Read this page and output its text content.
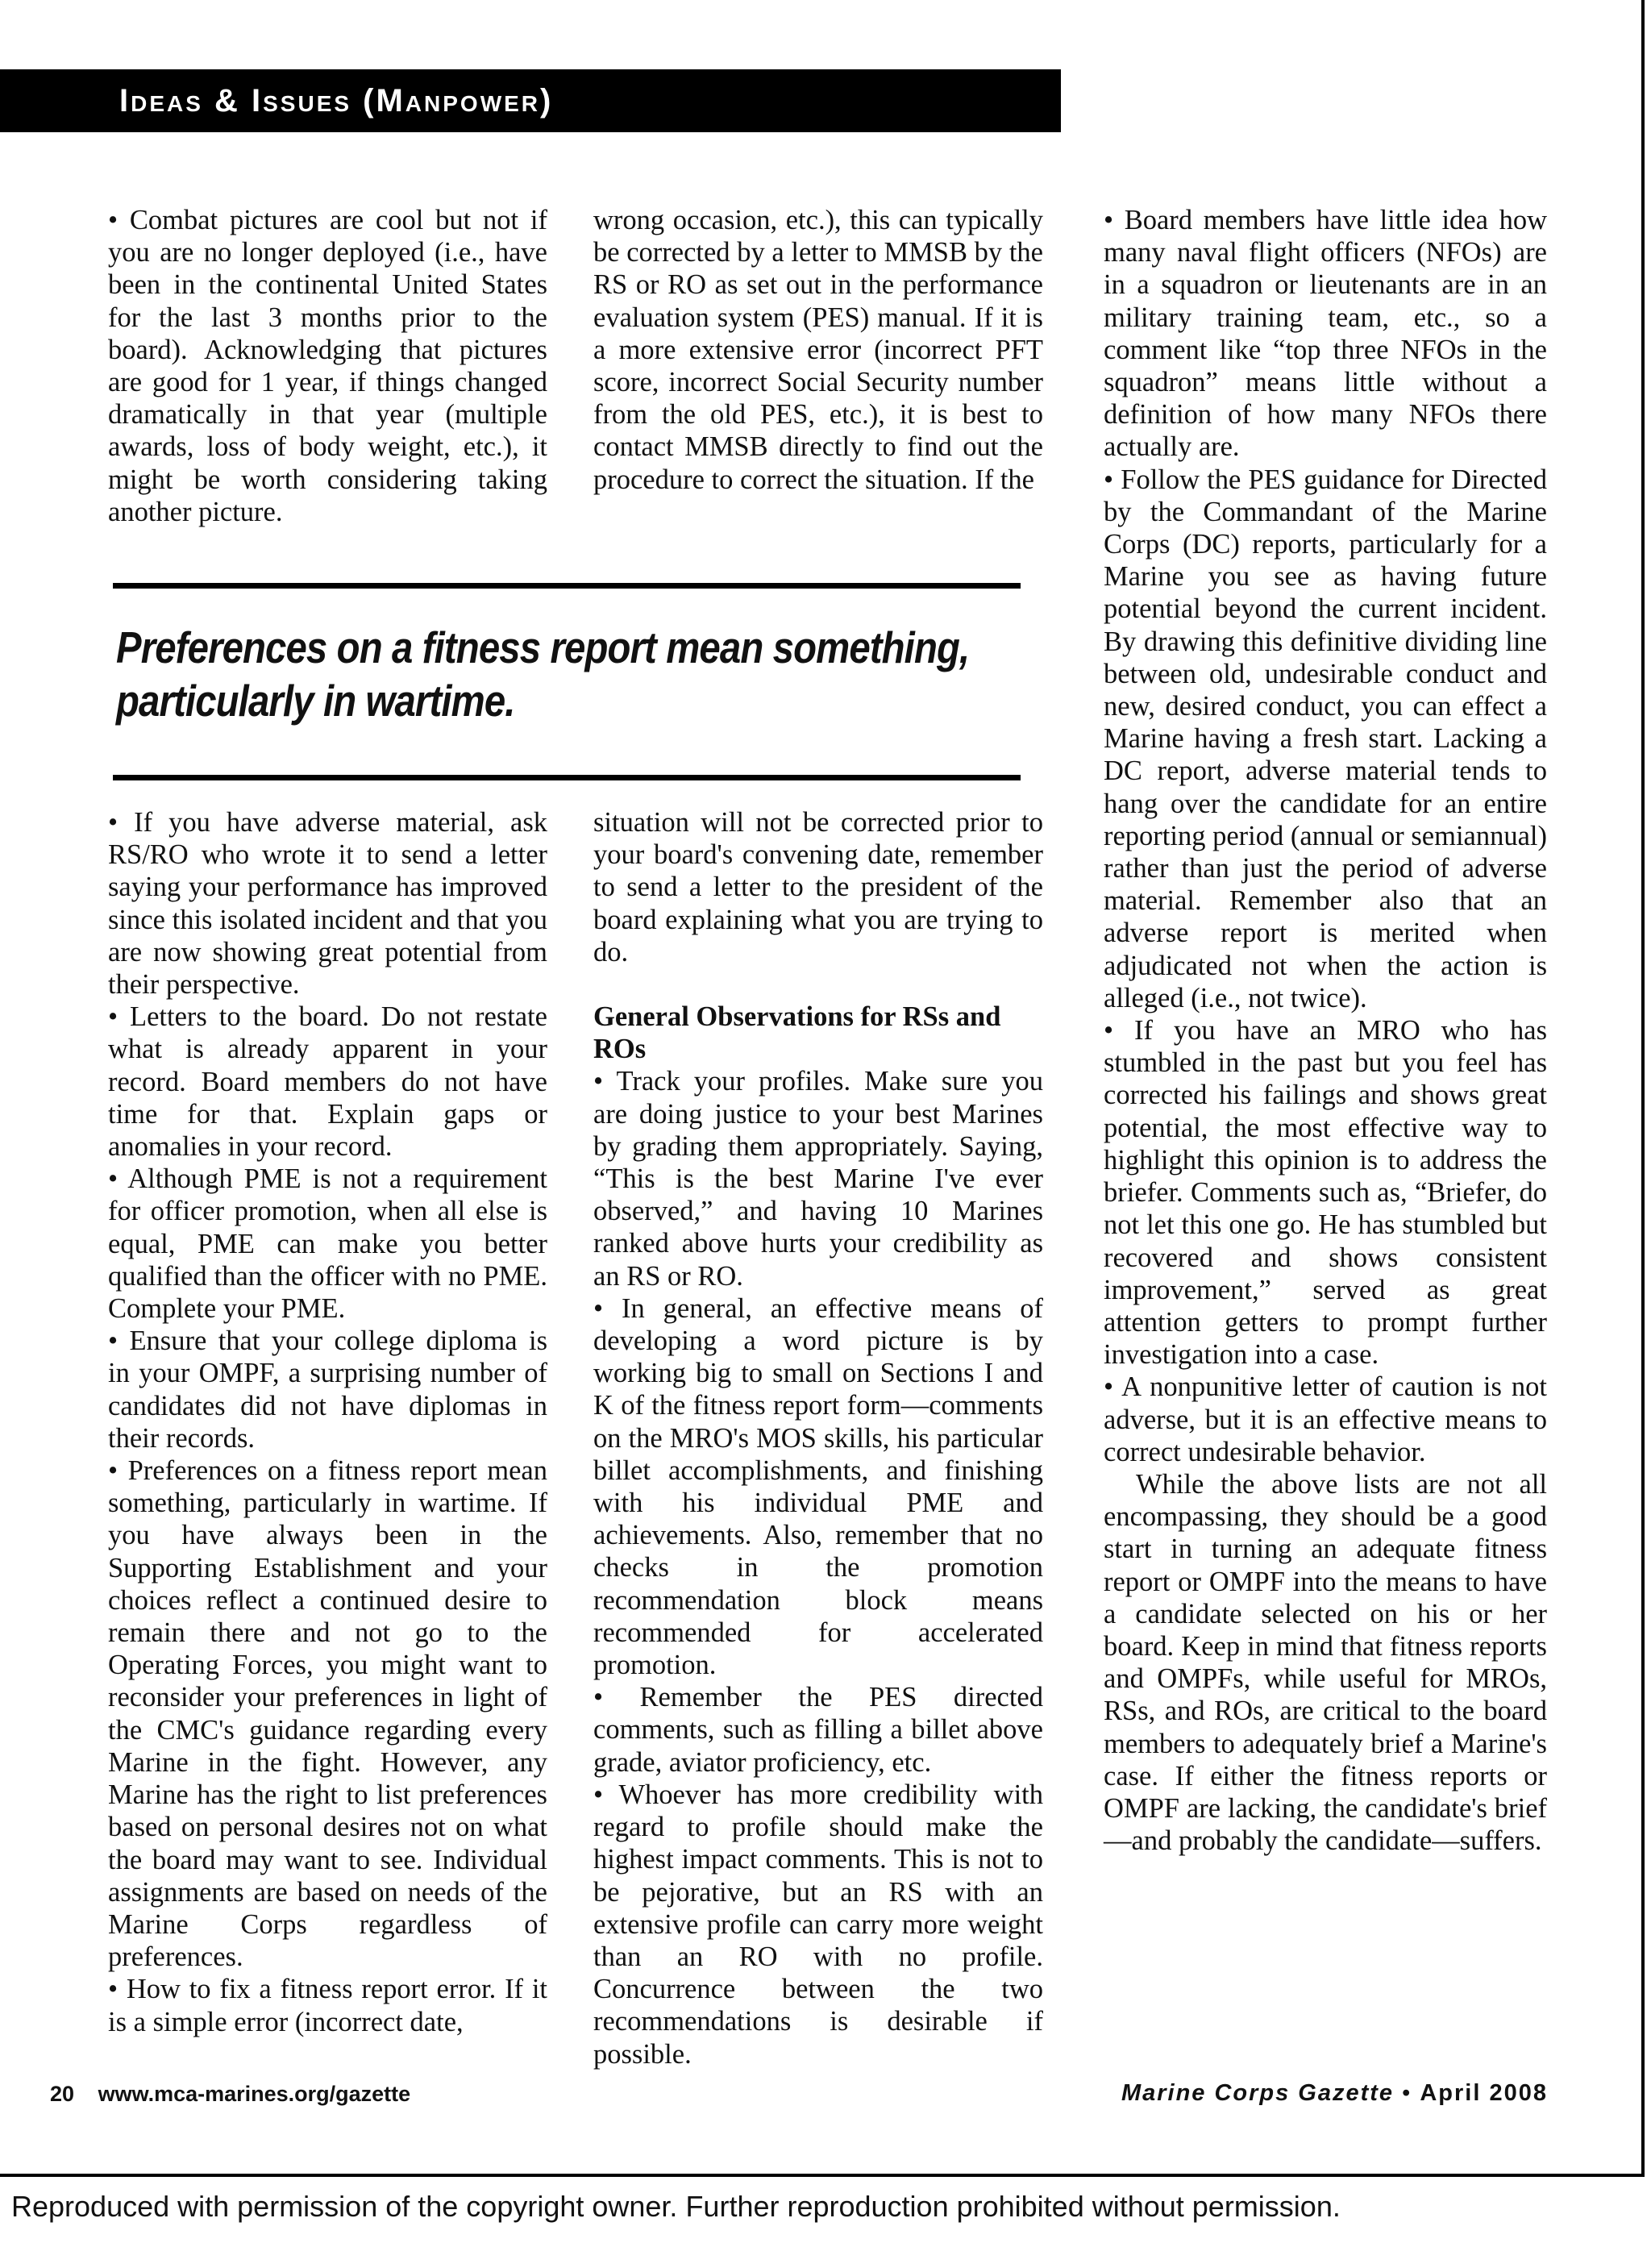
Ideas & Issues (Manpower)

• Combat pictures are cool but not if you are no longer deployed (i.e., have been in the continental United States for the last 3 months prior to the board). Acknowledging that pictures are good for 1 year, if things changed dramatically in that year (multiple awards, loss of body weight, etc.), it might be worth considering taking another picture.

wrong occasion, etc.), this can typically be corrected by a letter to MMSB by the RS or RO as set out in the performance evaluation system (PES) manual. If it is a more extensive error (incorrect PFT score, incorrect Social Security number from the old PES, etc.), it is best to contact MMSB directly to find out the procedure to correct the situation. If the

Preferences on a fitness report mean something, particularly in wartime.

• If you have adverse material, ask RS/RO who wrote it to send a letter saying your performance has improved since this isolated incident and that you are now showing great potential from their perspective.

• Letters to the board. Do not restate what is already apparent in your record. Board members do not have time for that. Explain gaps or anomalies in your record.

• Although PME is not a requirement for officer promotion, when all else is equal, PME can make you better qualified than the officer with no PME. Complete your PME.

• Ensure that your college diploma is in your OMPF, a surprising number of candidates did not have diplomas in their records.

• Preferences on a fitness report mean something, particularly in wartime. If you have always been in the Supporting Establishment and your choices reflect a continued desire to remain there and not go to the Operating Forces, you might want to reconsider your preferences in light of the CMC's guidance regarding every Marine in the fight. However, any Marine has the right to list preferences based on personal desires not on what the board may want to see. Individual assignments are based on needs of the Marine Corps regardless of preferences.

• How to fix a fitness report error. If it is a simple error (incorrect date,

situation will not be corrected prior to your board's convening date, remember to send a letter to the president of the board explaining what you are trying to do.

General Observations for RSs and ROs

• Track your profiles. Make sure you are doing justice to your best Marines by grading them appropriately. Saying, “This is the best Marine I've ever observed,” and having 10 Marines ranked above hurts your credibility as an RS or RO.

• In general, an effective means of developing a word picture is by working big to small on Sections I and K of the fitness report form—comments on the MRO's MOS skills, his particular billet accomplishments, and finishing with his individual PME and achievements. Also, remember that no checks in the promotion recommendation block means recommended for accelerated promotion.

• Remember the PES directed comments, such as filling a billet above grade, aviator proficiency, etc.

• Whoever has more credibility with regard to profile should make the highest impact comments. This is not to be pejorative, but an RS with an extensive profile can carry more weight than an RO with no profile. Concurrence between the two recommendations is desirable if possible.

• Board members have little idea how many naval flight officers (NFOs) are in a squadron or lieutenants are in an military training team, etc., so a comment like “top three NFOs in the squadron” means little without a definition of how many NFOs there actually are.

• Follow the PES guidance for Directed by the Commandant of the Marine Corps (DC) reports, particularly for a Marine you see as having future potential beyond the current incident. By drawing this definitive dividing line between old, undesirable conduct and new, desired conduct, you can effect a Marine having a fresh start. Lacking a DC report, adverse material tends to hang over the candidate for an entire reporting period (annual or semiannual) rather than just the period of adverse material. Remember also that an adverse report is merited when adjudicated not when the action is alleged (i.e., not twice).

• If you have an MRO who has stumbled in the past but you feel has corrected his failings and shows great potential, the most effective way to highlight this opinion is to address the briefer. Comments such as, “Briefer, do not let this one go. He has stumbled but recovered and shows consistent improvement,” served as great attention getters to prompt further investigation into a case.

• A nonpunitive letter of caution is not adverse, but it is an effective means to correct undesirable behavior.

While the above lists are not all encompassing, they should be a good start in turning an adequate fitness report or OMPF into the means to have a candidate selected on his or her board. Keep in mind that fitness reports and OMPFs, while useful for MROs, RSs, and ROs, are critical to the board members to adequately brief a Marine's case. If either the fitness reports or OMPF are lacking, the candidate's brief—and probably the candidate—suffers.

20 www.mca-marines.org/gazette	Marine Corps Gazette • April 2008
Reproduced with permission of the copyright owner. Further reproduction prohibited without permission.
